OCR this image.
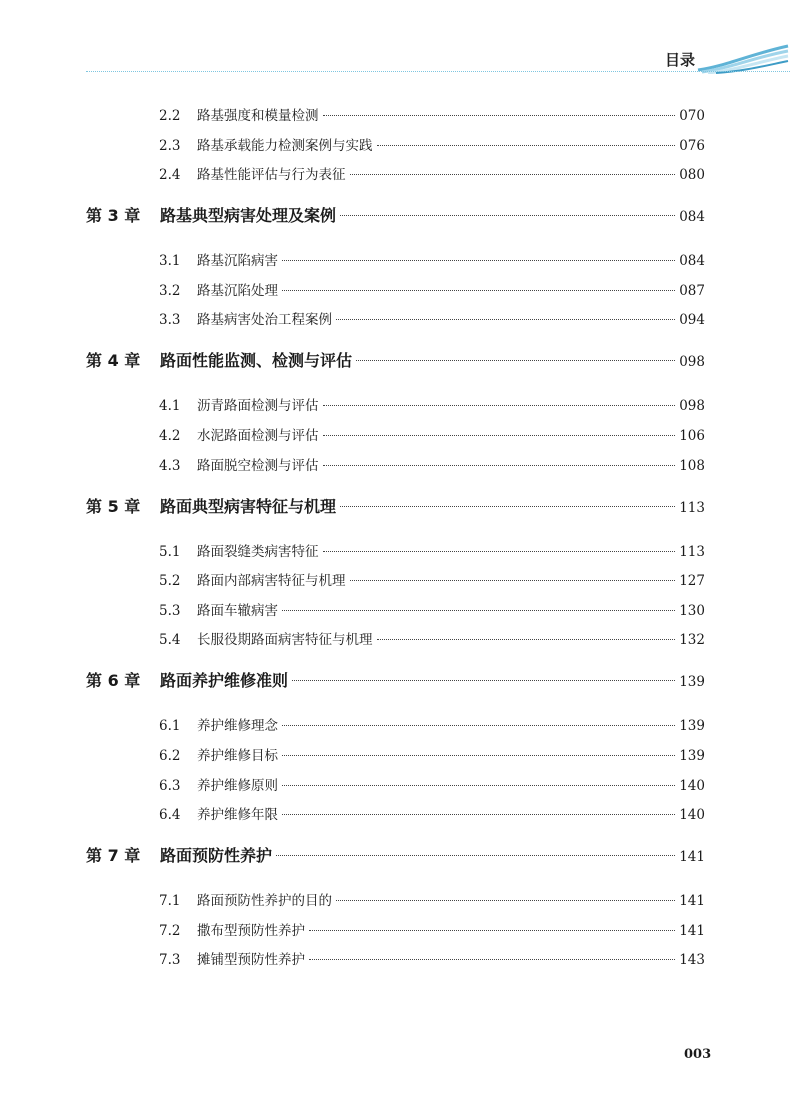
目录
2.2	路基强度和模量检测	070
2.3	路基承载能力检测案例与实践	076
2.4	路基性能评估与行为表征	080
第 3 章	路基典型病害处理及案例	084
3.1	路基沉陷病害	084
3.2	路基沉陷处理	087
3.3	路基病害处治工程案例	094
第 4 章	路面性能监测、检测与评估	098
4.1	沥青路面检测与评估	098
4.2	水泥路面检测与评估	106
4.3	路面脱空检测与评估	108
第 5 章	路面典型病害特征与机理	113
5.1	路面裂缝类病害特征	113
5.2	路面内部病害特征与机理	127
5.3	路面车辙病害	130
5.4	长服役期路面病害特征与机理	132
第 6 章	路面养护维修准则	139
6.1	养护维修理念	139
6.2	养护维修目标	139
6.3	养护维修原则	140
6.4	养护维修年限	140
第 7 章	路面预防性养护	141
7.1	路面预防性养护的目的	141
7.2	撒布型预防性养护	141
7.3	摊铺型预防性养护	143
003
